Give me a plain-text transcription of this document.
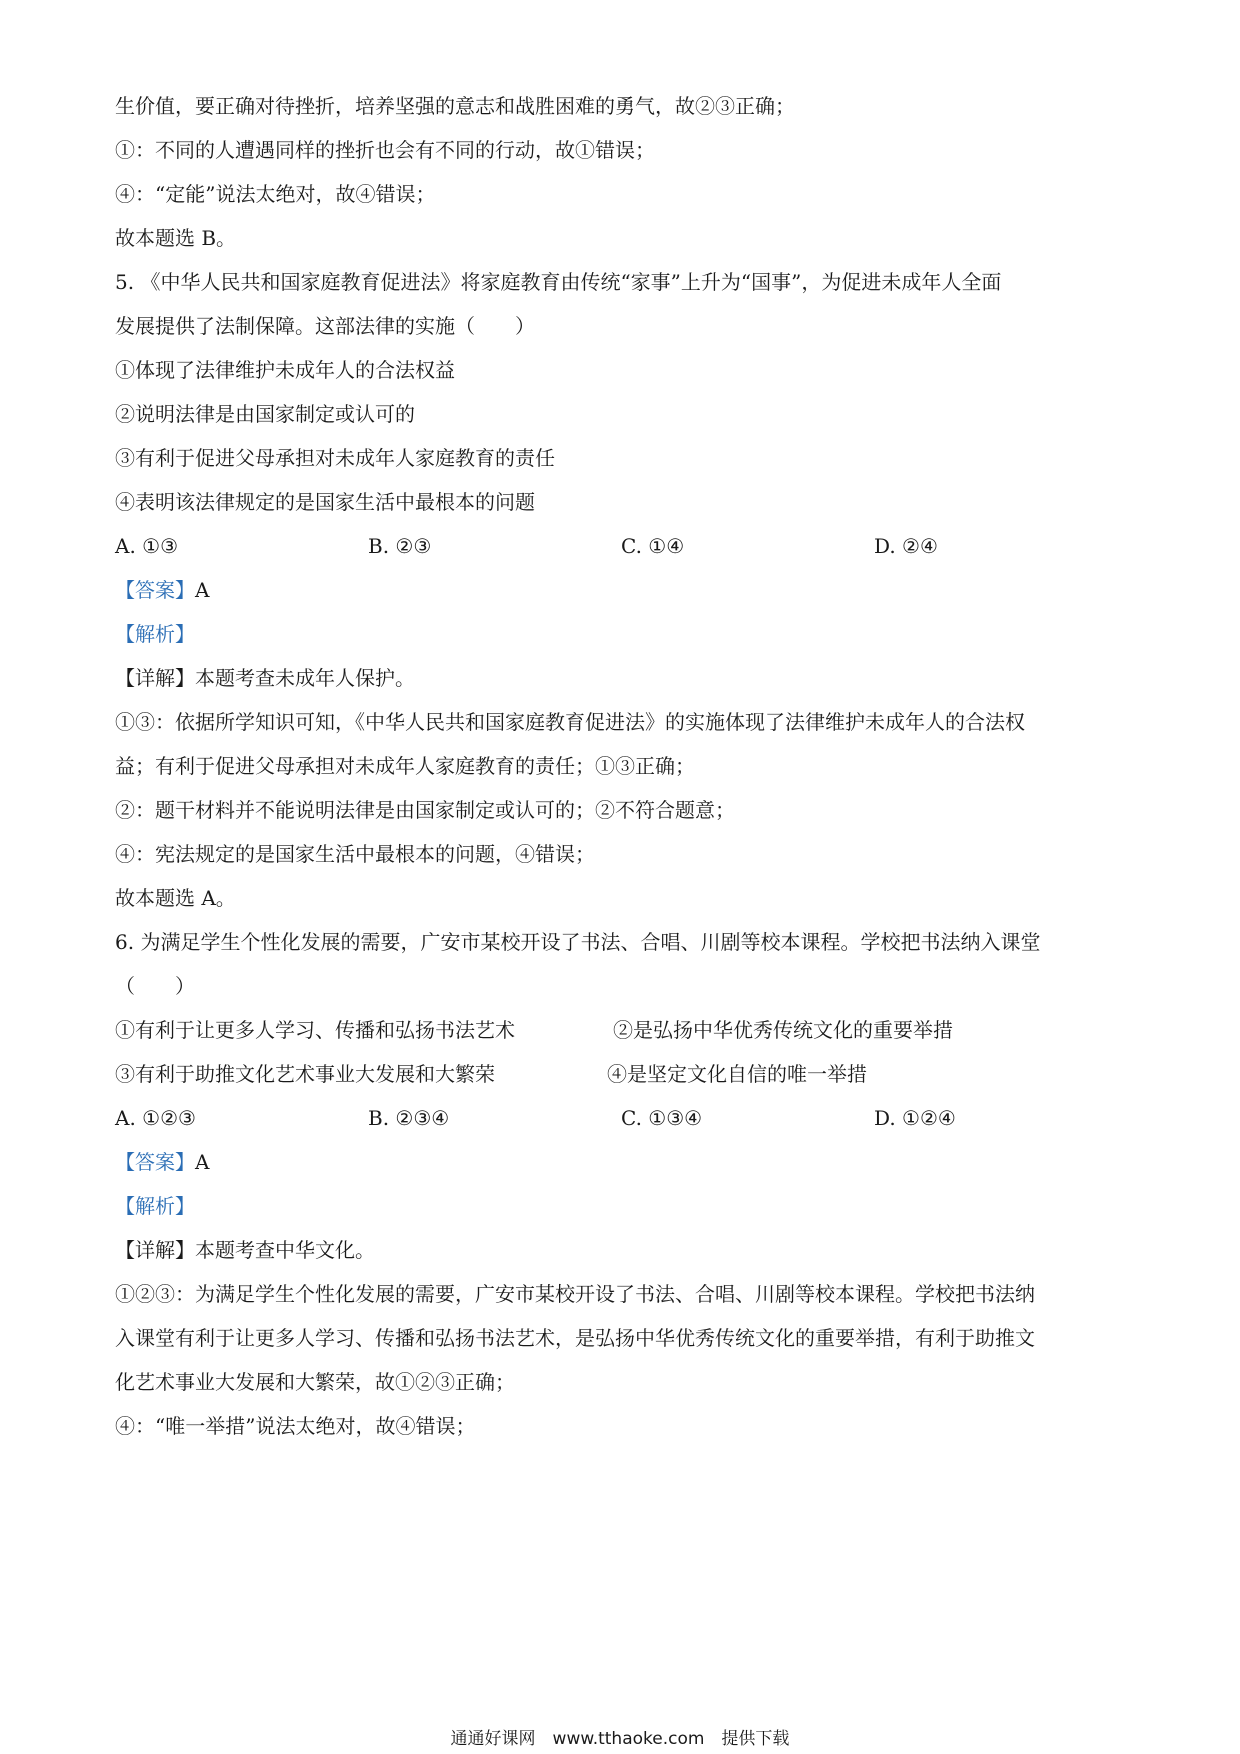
生价值，要正确对待挫折，培养坚强的意志和战胜困难的勇气，故②③正确；
①：不同的人遭遇同样的挫折也会有不同的行动，故①错误；
④：“定能”说法太绝对，故④错误；
故本题选 B。
5. 《中华人民共和国家庭教育促进法》将家庭教育由传统“家事”上升为“国事”，为促进未成年人全面
发展提供了法制保障。这部法律的实施（　　）
①体现了法律维护未成年人的合法权益
②说明法律是由国家制定或认可的
③有利于促进父母承担对未成年人家庭教育的责任
④表明该法律规定的是国家生活中最根本的问题
A. ①③	B. ②③	C. ①④	D. ②④
【答案】A
【解析】
【详解】本题考查未成年人保护。
①③：依据所学知识可知，《中华人民共和国家庭教育促进法》的实施体现了法律维护未成年人的合法权
益；有利于促进父母承担对未成年人家庭教育的责任；①③正确；
②：题干材料并不能说明法律是由国家制定或认可的；②不符合题意；
④：宪法规定的是国家生活中最根本的问题，④错误；
故本题选 A。
6. 为满足学生个性化发展的需要，广安市某校开设了书法、合唱、川剧等校本课程。学校把书法纳入课堂
（　　）
①有利于让更多人学习、传播和弘扬书法艺术	②是弘扬中华优秀传统文化的重要举措
③有利于助推文化艺术事业大发展和大繁荣	④是坚定文化自信的唯一举措
A. ①②③	B. ②③④	C. ①③④	D. ①②④
【答案】A
【解析】
【详解】本题考查中华文化。
①②③：为满足学生个性化发展的需要，广安市某校开设了书法、合唱、川剧等校本课程。学校把书法纳
入课堂有利于让更多人学习、传播和弘扬书法艺术，是弘扬中华优秀传统文化的重要举措，有利于助推文
化艺术事业大发展和大繁荣，故①②③正确；
④：“唯一举措”说法太绝对，故④错误；
通通好课网　www.tthaoke.com　提供下载
